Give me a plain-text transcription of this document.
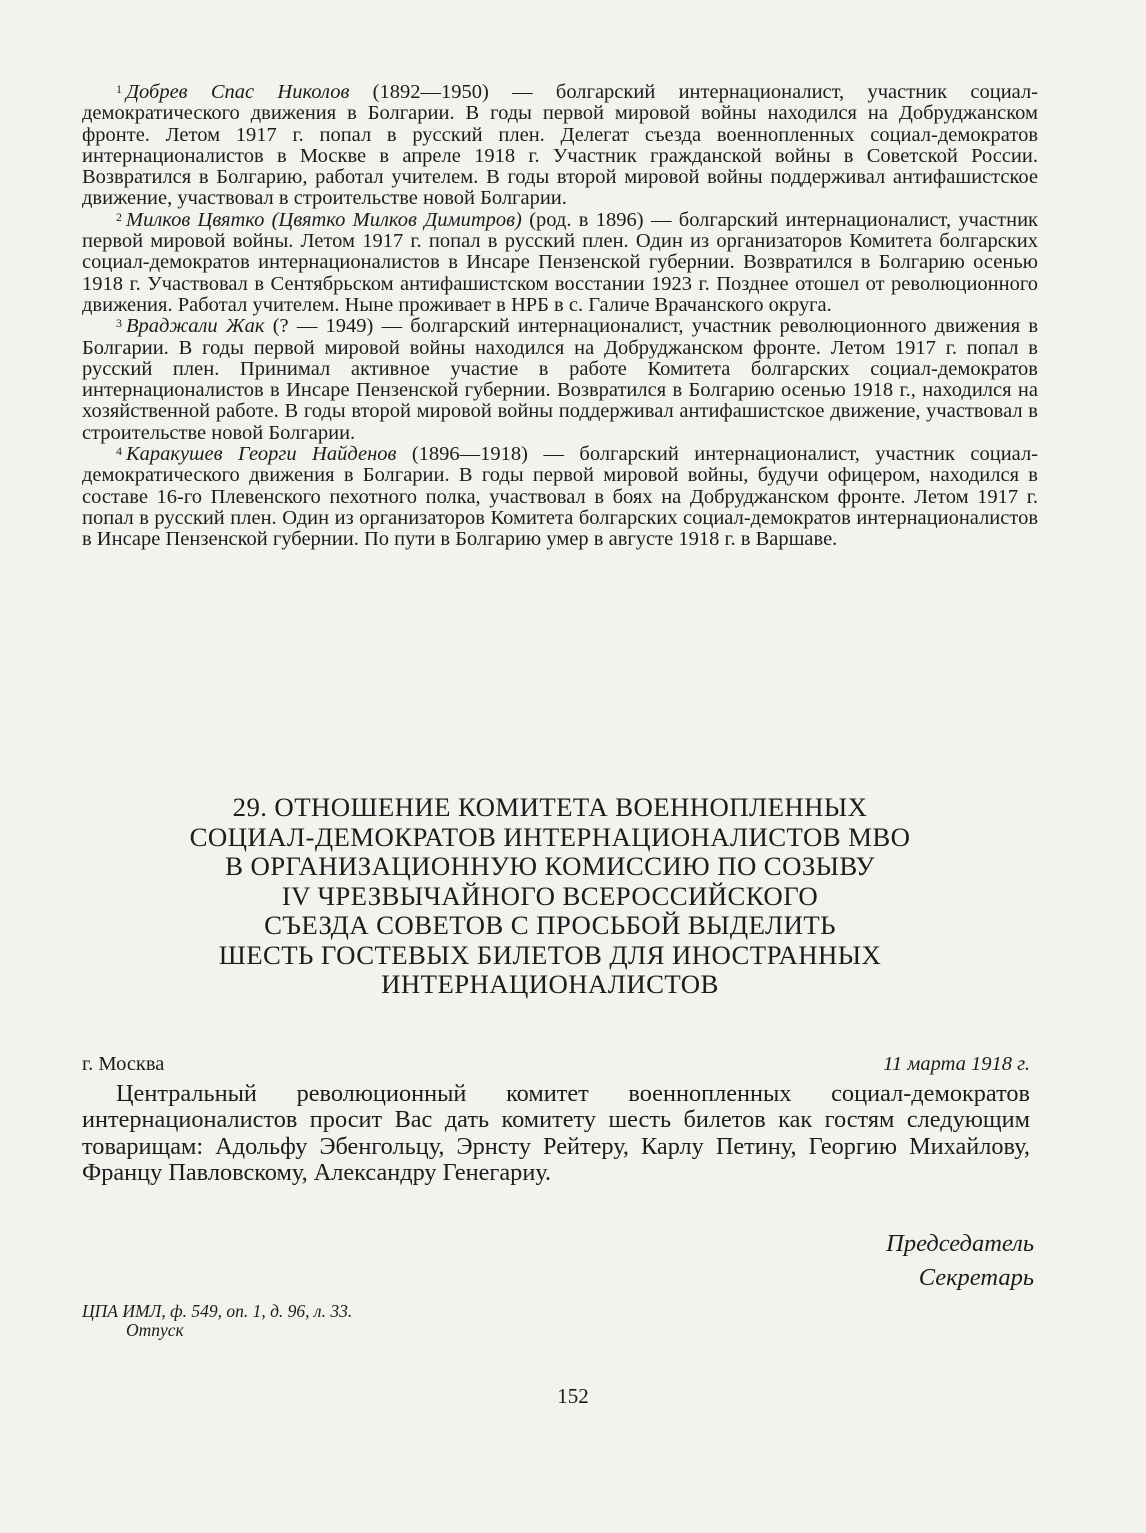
$^1$ Добрев Спас Николов (1892—1950) — болгарский интернационалист, участник социал-демократического движения в Болгарии. В годы первой мировой войны находился на Добруджанском фронте. Летом 1917 г. попал в русский плен. Делегат съезда военнопленных социал-демократов интернационалистов в Москве в апреле 1918 г. Участник гражданской войны в Советской России. Возвратился в Болгарию, работал учителем. В годы второй мировой войны поддерживал антифашистское движение, участвовал в строительстве новой Болгарии.

$^2$ Милков Цвятко (Цвятко Милков Димитров) (род. в 1896) — болгарский интернационалист, участник первой мировой войны. Летом 1917 г. попал в русский плен. Один из организаторов Комитета болгарских социал-демократов интернационалистов в Инсаре Пензенской губернии. Возвратился в Болгарию осенью 1918 г. Участвовал в Сентябрьском антифашистском восстании 1923 г. Позднее отошел от революционного движения. Работал учителем. Ныне проживает в НРБ в с. Галиче Врачанского округа.

$^3$ Враджали Жак (? — 1949) — болгарский интернационалист, участник революционного движения в Болгарии. В годы первой мировой войны находился на Добруджанском фронте. Летом 1917 г. попал в русский плен. Принимал активное участие в работе Комитета болгарских социал-демократов интернационалистов в Инсаре Пензенской губернии. Возвратился в Болгарию осенью 1918 г., находился на хозяйственной работе. В годы второй мировой войны поддерживал антифашистское движение, участвовал в строительстве новой Болгарии.

$^4$ Каракушев Георги Найденов (1896—1918) — болгарский интернационалист, участник социал-демократического движения в Болгарии. В годы первой мировой войны, будучи офицером, находился в составе 16-го Плевенского пехотного полка, участвовал в боях на Добруджанском фронте. Летом 1917 г. попал в русский плен. Один из организаторов Комитета болгарских социал-демократов интернационалистов в Инсаре Пензенской губернии. По пути в Болгарию умер в августе 1918 г. в Варшаве.

29. ОТНОШЕНИЕ КОМИТЕТА ВОЕННОПЛЕННЫХ
СОЦИАЛ-ДЕМОКРАТОВ ИНТЕРНАЦИОНАЛИСТОВ МВО
В ОРГАНИЗАЦИОННУЮ КОМИССИЮ ПО СОЗЫВУ
IV ЧРЕЗВЫЧАЙНОГО ВСЕРОССИЙСКОГО
СЪЕЗДА СОВЕТОВ С ПРОСЬБОЙ ВЫДЕЛИТЬ
ШЕСТЬ ГОСТЕВЫХ БИЛЕТОВ ДЛЯ ИНОСТРАННЫХ
ИНТЕРНАЦИОНАЛИСТОВ
г. Москва	11 марта 1918 г.

Центральный революционный комитет военнопленных социал-демократов интернационалистов просит Вас дать комитету шесть билетов как гостям следующим товарищам: Адольфу Эбенгольцу, Эрнсту Рейтеру, Карлу Петину, Георгию Михайлову, Францу Павловскому, Александру Генегариу.

Председатель
Секретарь
ЦПА ИМЛ, ф. 549, оп. 1, д. 96, л. 33.
Отпуск
152
